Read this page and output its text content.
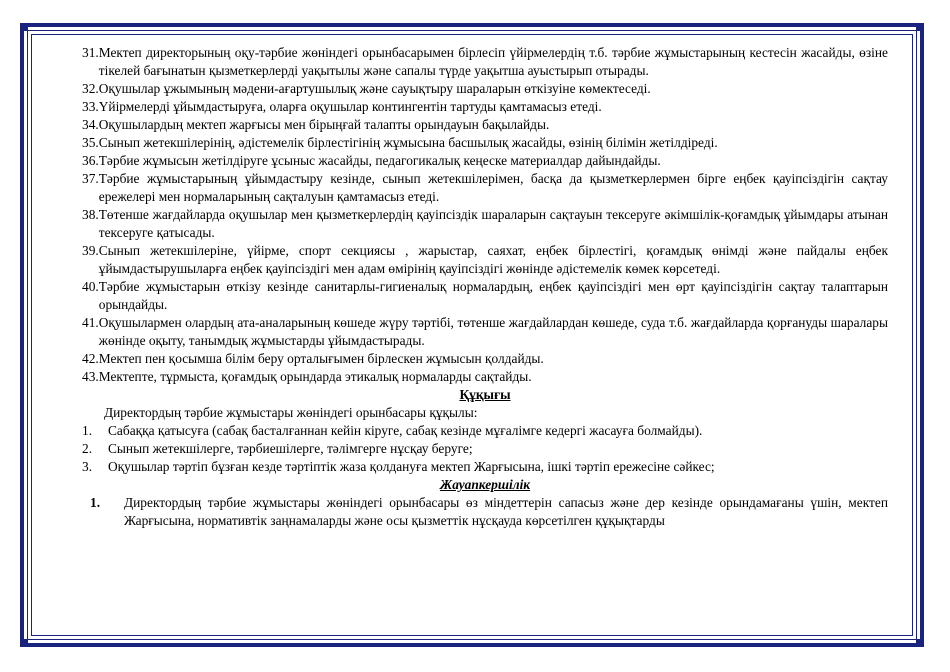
31. Мектеп директорының оқу-тәрбие жөніндегі орынбасарымен бірлесіп үйірмелердің т.б. тәрбие жұмыстарының кестесін жасайды, өзіне тікелей бағынатын қызметкерлерді уақытылы және сапалы түрде уақытша ауыстырып отырады.
32. Оқушылар ұжымының мәдени-ағартушылық және сауықтыру шараларын өткізуіне көмектеседі.
33. Үйірмелерді ұйымдастыруға, оларға оқушылар контингентін тартуды қамтамасыз етеді.
34. Оқушылардың мектеп жарғысы мен бірыңғай талапты орындауын бақылайды.
35. Сынып жетекшілерінің, әдістемелік бірлестігінің жұмысына басшылық жасайды, өзінің білімін жетілдіреді.
36. Тәрбие жұмысын жетілдіруге ұсыныс жасайды, педагогикалық кеңеске материалдар дайындайды.
37. Тәрбие жұмыстарының ұйымдастыру кезінде, сынып жетекшілерімен, басқа да қызметкерлермен бірге еңбек қауіпсіздігін сақтау ережелері мен нормаларының сақталуын қамтамасыз етеді.
38. Төтенше жағдайларда оқушылар мен қызметкерлердің қауіпсіздік шараларын сақтауын тексеруге әкімшілік-қоғамдық ұйымдары атынан тексеруге қатысады.
39. Сынып жетекшілеріне, үйірме, спорт секциясы , жарыстар, саяхат, еңбек бірлестігі, қоғамдық өнімді және пайдалы еңбек ұйымдастырушыларға еңбек қауіпсіздігі мен адам өмірінің қауіпсіздігі жөнінде әдістемелік көмек көрсетеді.
40. Тәрбие жұмыстарын өткізу кезінде санитарлы-гигиеналық нормалардың, еңбек қауіпсіздігі мен өрт қауіпсіздігін сақтау талаптарын орындайды.
41. Оқушылармен олардың ата-аналарының көшеде жүру тәртібі, төтенше жағдайлардан көшеде, суда т.б. жағдайларда қорғануды шаралары жөнінде оқыту, танымдық жұмыстарды ұйымдастырады.
42. Мектеп пен қосымша білім беру орталығымен бірлескен жұмысын қолдайды.
43. Мектепте, тұрмыста, қоғамдық орындарда этикалық нормаларды сақтайды.
Құқығы
Директордың тәрбие жұмыстары жөніндегі орынбасары құқылы:
1.	Сабаққа қатысуға (сабақ басталғаннан кейін кіруге, сабақ кезінде мұғалімге кедергі жасауға болмайды).
2.	Сынып жетекшілерге, тәрбиешілерге, тәлімгерге нұсқау беруге;
3.	Оқушылар тәртіп бұзған кезде тәртіптік жаза қолдануға мектеп Жарғысына, ішкі тәртіп ережесіне сәйкес;
Жауапкершілік
1.	Директордың тәрбие жұмыстары жөніндегі орынбасары өз міндеттерін сапасыз және дер кезінде орындамағаны үшін, мектеп Жарғысына, нормативтік заңнамаларды және осы қызметтік нұсқауда көрсетілген құқықтарды
